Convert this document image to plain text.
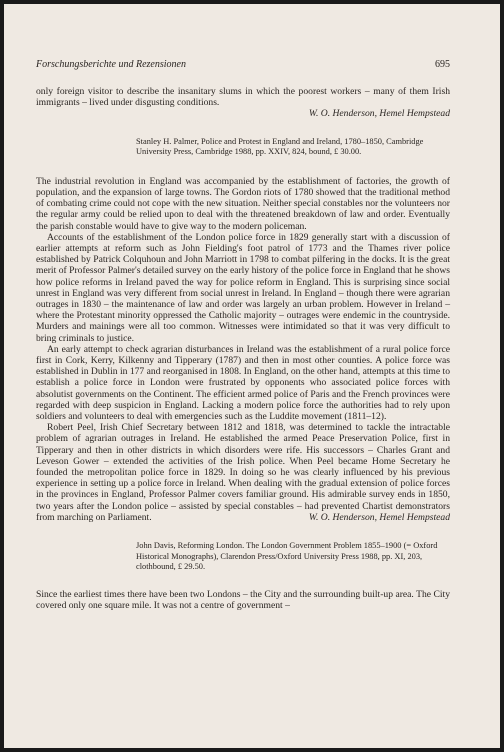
Forschungsberichte und Rezensionen	695

only foreign visitor to describe the insanitary slums in which the poorest workers – many of them Irish immigrants – lived under disgusting conditions.

W. O. Henderson, Hemel Hempstead

Stanley H. Palmer, Police and Protest in England and Ireland, 1780–1850, Cambridge University Press, Cambridge 1988, pp. XXIV, 824, bound, £ 30.00.

The industrial revolution in England was accompanied by the establishment of factories, the growth of population, and the expansion of large towns. The Gordon riots of 1780 showed that the traditional method of combating crime could not cope with the new situation. Neither special constables nor the volunteers nor the regular army could be relied upon to deal with the threatened breakdown of law and order. Eventually the parish constable would have to give way to the modern policeman.

Accounts of the establishment of the London police force in 1829 generally start with a discussion of earlier attempts at reform such as John Fielding's foot patrol of 1773 and the Thames river police established by Patrick Colquhoun and John Marriott in 1798 to combat pilfering in the docks. It is the great merit of Professor Palmer's detailed survey on the early history of the police force in England that he shows how police reforms in Ireland paved the way for police reform in England. This is surprising since social unrest in England was very different from social unrest in Ireland. In England – though there were agrarian outrages in 1830 – the maintenance of law and order was largely an urban problem. However in Ireland – where the Protestant minority oppressed the Catholic majority – outrages were endemic in the countryside. Murders and mainings were all too common. Witnesses were intimidated so that it was very difficult to bring criminals to justice.

An early attempt to check agrarian disturbances in Ireland was the establishment of a rural police force first in Cork, Kerry, Kilkenny and Tipperary (1787) and then in most other counties. A police force was established in Dublin in 177 and reorganised in 1808. In England, on the other hand, attempts at this time to establish a police force in London were frustrated by opponents who associated police forces with absolutist governments on the Continent. The efficient armed police of Paris and the French provinces were regarded with deep suspicion in England. Lacking a modern police force the authorities had to rely upon soldiers and volunteers to deal with emergencies such as the Luddite movement (1811–12).

Robert Peel, Irish Chief Secretary between 1812 and 1818, was determined to tackle the intractable problem of agrarian outrages in Ireland. He established the armed Peace Preservation Police, first in Tipperary and then in other districts in which disorders were rife. His successors – Charles Grant and Leveson Gower – extended the activities of the Irish police. When Peel became Home Secretary he founded the metropolitan police force in 1829. In doing so he was clearly influenced by his previous experience in setting up a police force in Ireland. When dealing with the gradual extension of police forces in the provinces in England, Professor Palmer covers familiar ground. His admirable survey ends in 1850, two years after the London police – assisted by special constables – had prevented Chartist demonstrators from marching on Parliament.	W. O. Henderson, Hemel Hempstead

John Davis, Reforming London. The London Government Problem 1855–1900 (= Oxford Historical Monographs), Clarendon Press/Oxford University Press 1988, pp. XI, 203, clothbound, £ 29.50.

Since the earliest times there have been two Londons – the City and the surrounding built-up area. The City covered only one square mile. It was not a centre of government –
